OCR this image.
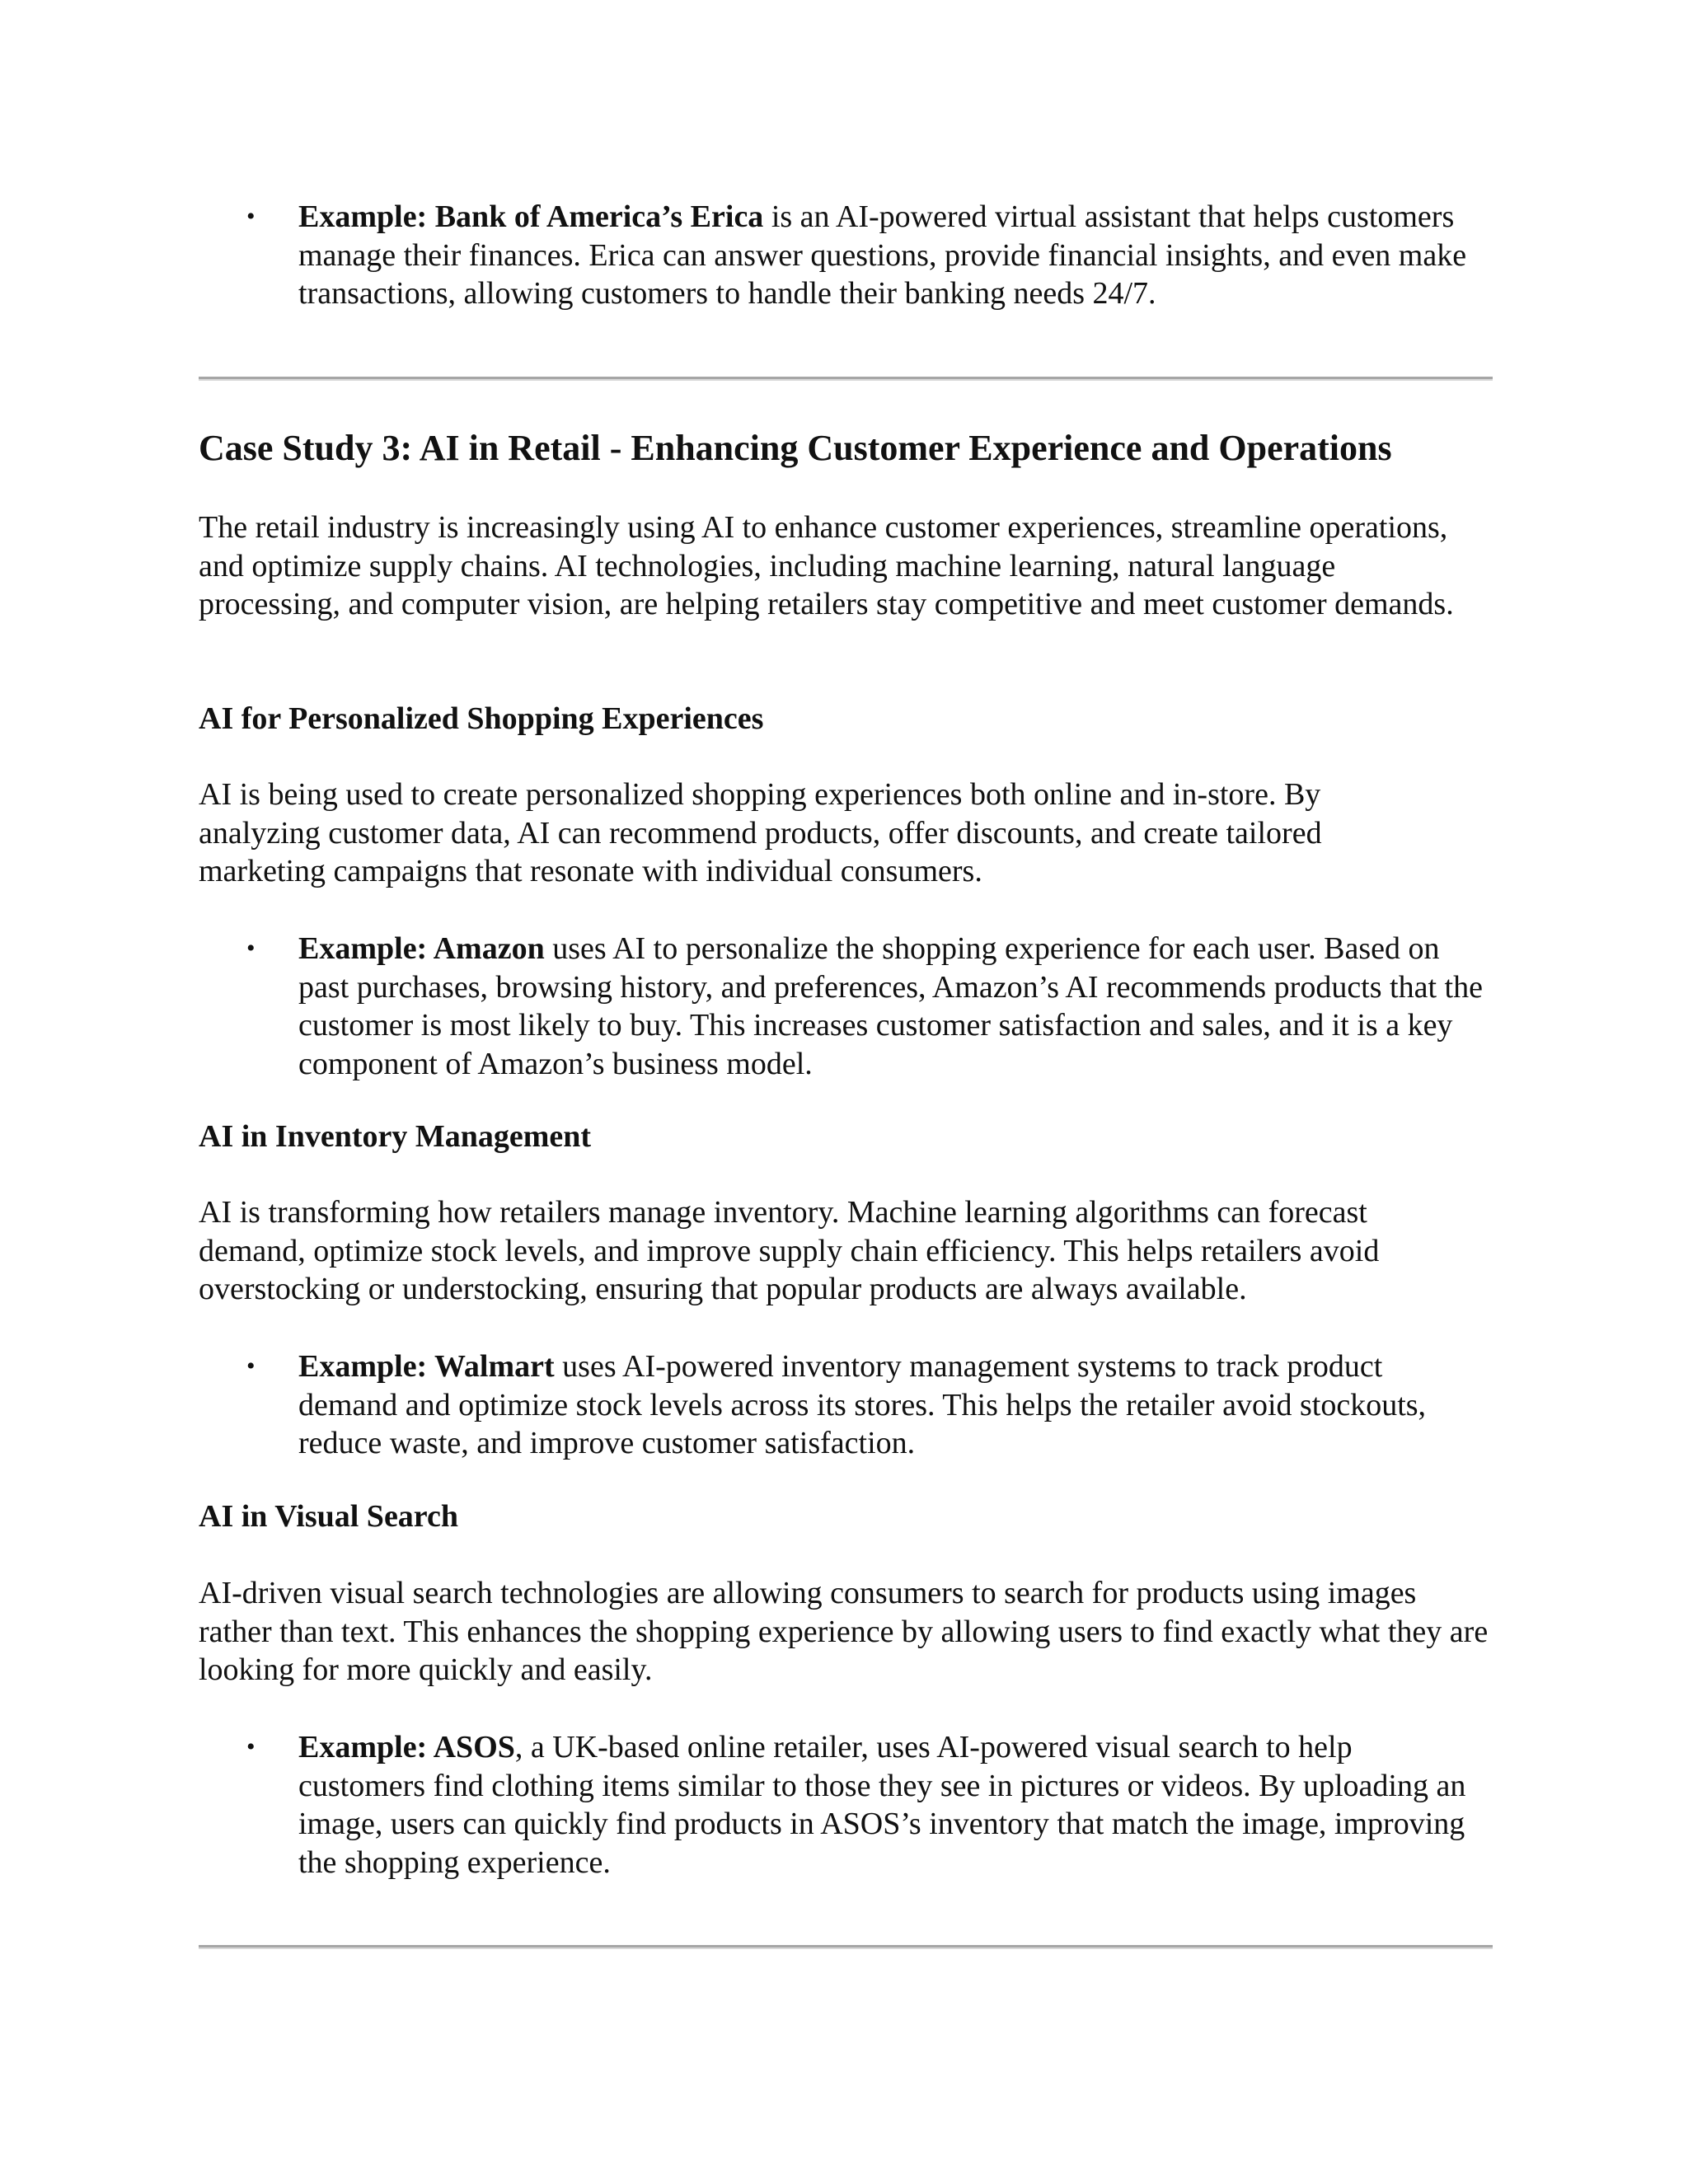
• Example: Bank of America’s Erica is an AI-powered virtual assistant that helps customers manage their finances. Erica can answer questions, provide financial insights, and even make transactions, allowing customers to handle their banking needs 24/7.
Case Study 3: AI in Retail - Enhancing Customer Experience and Operations

The retail industry is increasingly using AI to enhance customer experiences, streamline operations, and optimize supply chains. AI technologies, including machine learning, natural language processing, and computer vision, are helping retailers stay competitive and meet customer demands.

AI for Personalized Shopping Experiences

AI is being used to create personalized shopping experiences both online and in-store. By analyzing customer data, AI can recommend products, offer discounts, and create tailored marketing campaigns that resonate with individual consumers.

• Example: Amazon uses AI to personalize the shopping experience for each user. Based on past purchases, browsing history, and preferences, Amazon’s AI recommends products that the customer is most likely to buy. This increases customer satisfaction and sales, and it is a key component of Amazon’s business model.
AI in Inventory Management

AI is transforming how retailers manage inventory. Machine learning algorithms can forecast demand, optimize stock levels, and improve supply chain efficiency. This helps retailers avoid overstocking or understocking, ensuring that popular products are always available.

• Example: Walmart uses AI-powered inventory management systems to track product demand and optimize stock levels across its stores. This helps the retailer avoid stockouts, reduce waste, and improve customer satisfaction.
AI in Visual Search

AI-driven visual search technologies are allowing consumers to search for products using images rather than text. This enhances the shopping experience by allowing users to find exactly what they are looking for more quickly and easily.

• Example: ASOS, a UK-based online retailer, uses AI-powered visual search to help customers find clothing items similar to those they see in pictures or videos. By uploading an image, users can quickly find products in ASOS’s inventory that match the image, improving the shopping experience.
